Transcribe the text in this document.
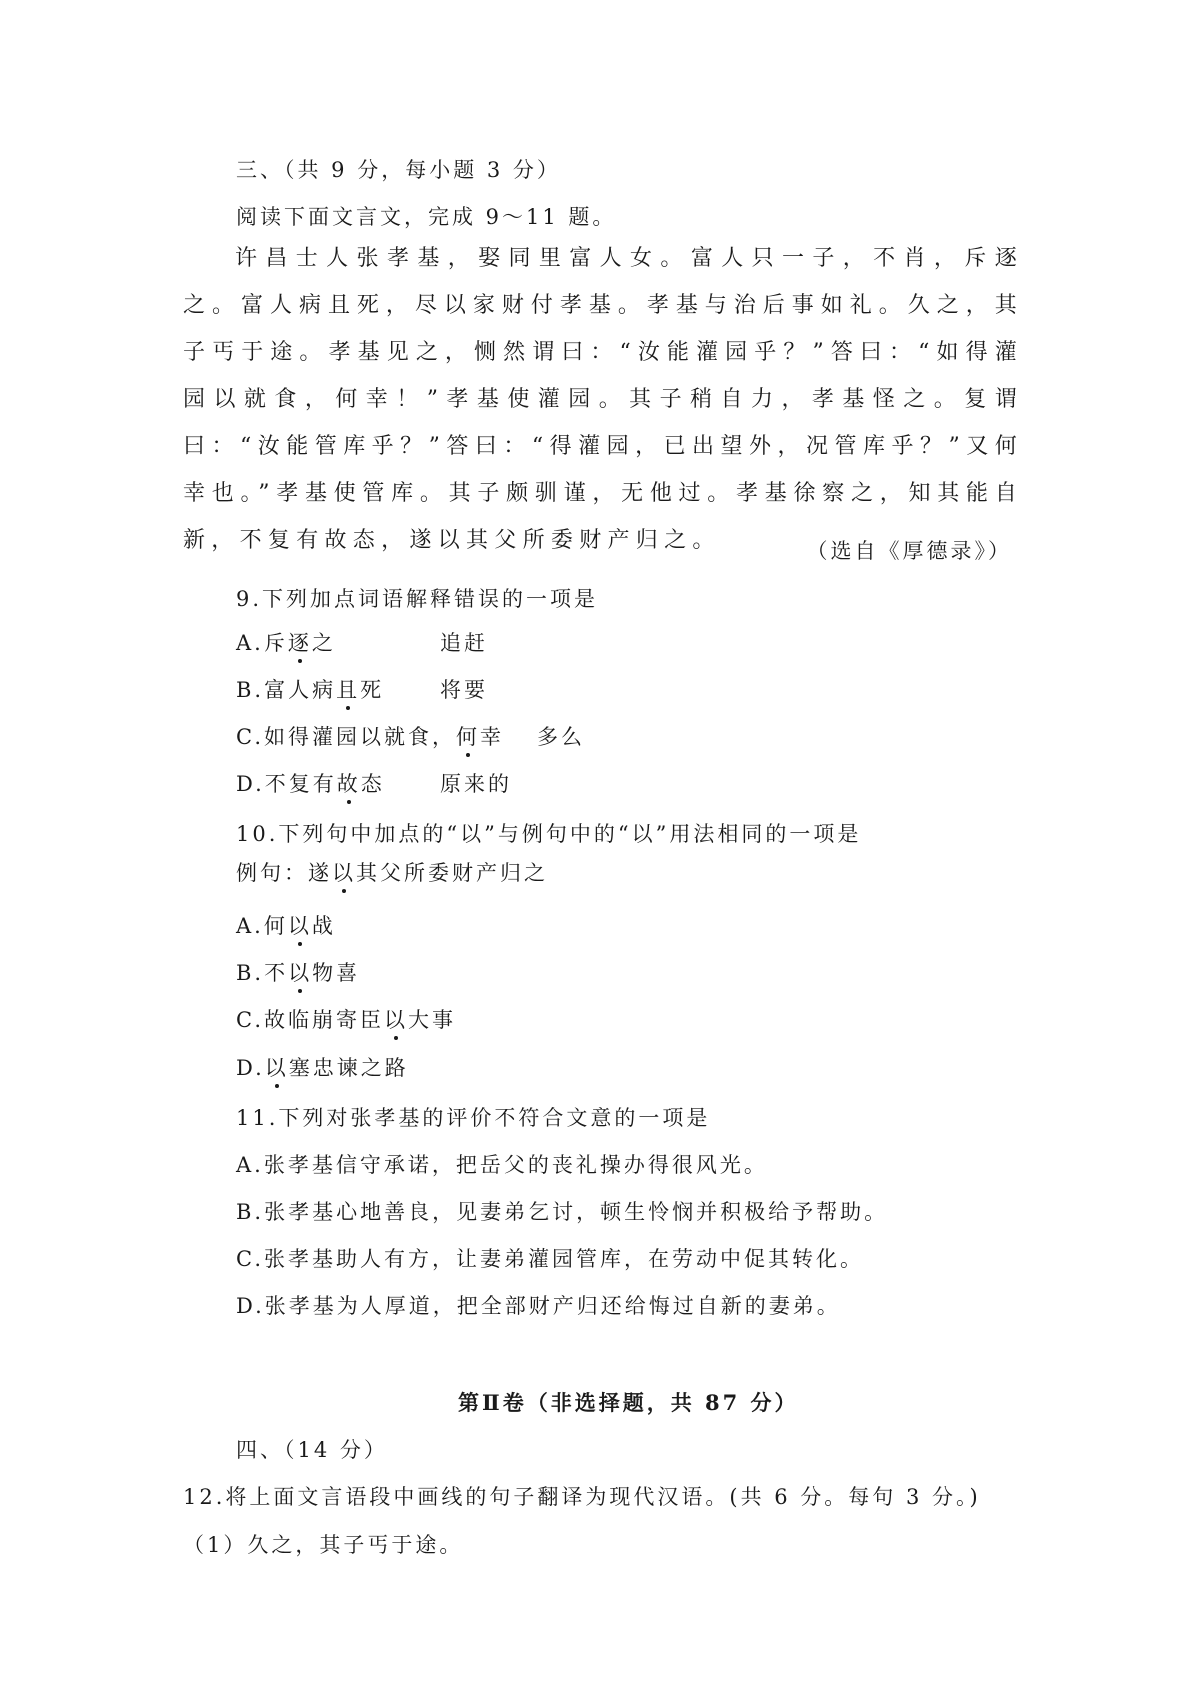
三、（共 9 分，每小题 3 分）
阅读下面文言文，完成 9～11 题。
许昌士人张孝基，娶同里富人女。富人只一子，不肖，斥逐之。富人病且死，尽以家财付孝基。孝基与治后事如礼。久之，其子丐于途。孝基见之，恻然谓曰：“汝能灌园乎？”答曰：“如得灌园以就食，何幸！”孝基使灌园。其子稍自力，孝基怪之。复谓曰：“汝能管库乎？”答曰：“得灌园，已出望外，况管库乎？”又何幸也。”孝基使管库。其子颇驯谨，无他过。孝基徐察之，知其能自新，不复有故态，遂以其父所委财产归之。	（选自《厚德录》）
9.下列加点词语解释错误的一项是
A.斥逐之	追赶
B.富人病且死	将要
C.如得灌园以就食，何幸 多么
D.不复有故态	原来的
10.下列句中加点的“以”与例句中的“以”用法相同的一项是
例句：遂以其父所委财产归之
A.何以战
B.不以物喜
C.故临崩寄臣以大事
D.以塞忠谏之路
11.下列对张孝基的评价不符合文意的一项是
A.张孝基信守承诺，把岳父的丧礼操办得很风光。
B.张孝基心地善良，见妻弟乞讨，顿生怜悯并积极给予帮助。
C.张孝基助人有方，让妻弟灌园管库，在劳动中促其转化。
D.张孝基为人厚道，把全部财产归还给悔过自新的妻弟。
第Ⅱ卷（非选择题，共 87 分）
四、（14 分）
12.将上面文言语段中画线的句子翻译为现代汉语。(共 6 分。每句 3 分。)
（1）久之，其子丐于途。
